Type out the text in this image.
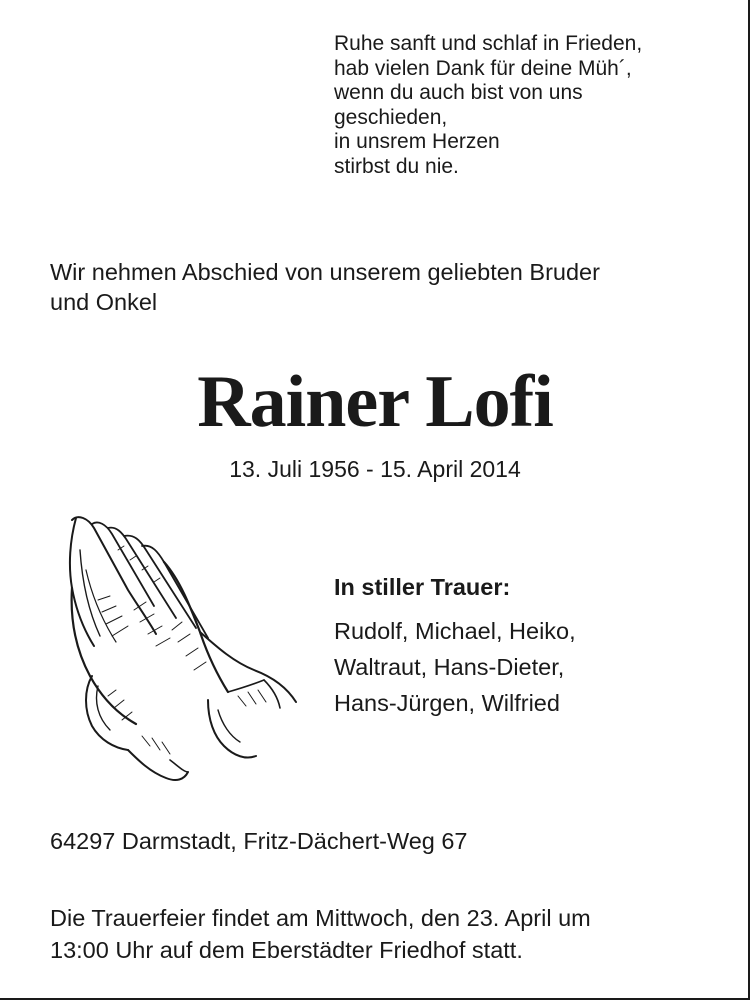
Ruhe sanft und schlaf in Frieden,
hab vielen Dank für deine Müh´,
wenn du auch bist von uns
geschieden,
in unsrem Herzen
stirbst du nie.
Wir nehmen Abschied von unserem geliebten Bruder
und Onkel
Rainer Lofi
13. Juli 1956 - 15. April 2014
In stiller Trauer:
Rudolf, Michael, Heiko,
Waltraut, Hans-Dieter,
Hans-Jürgen, Wilfried
64297 Darmstadt, Fritz-Dächert-Weg 67
Die Trauerfeier findet am Mittwoch, den 23. April um
13:00 Uhr auf dem Eberstädter Friedhof statt.
